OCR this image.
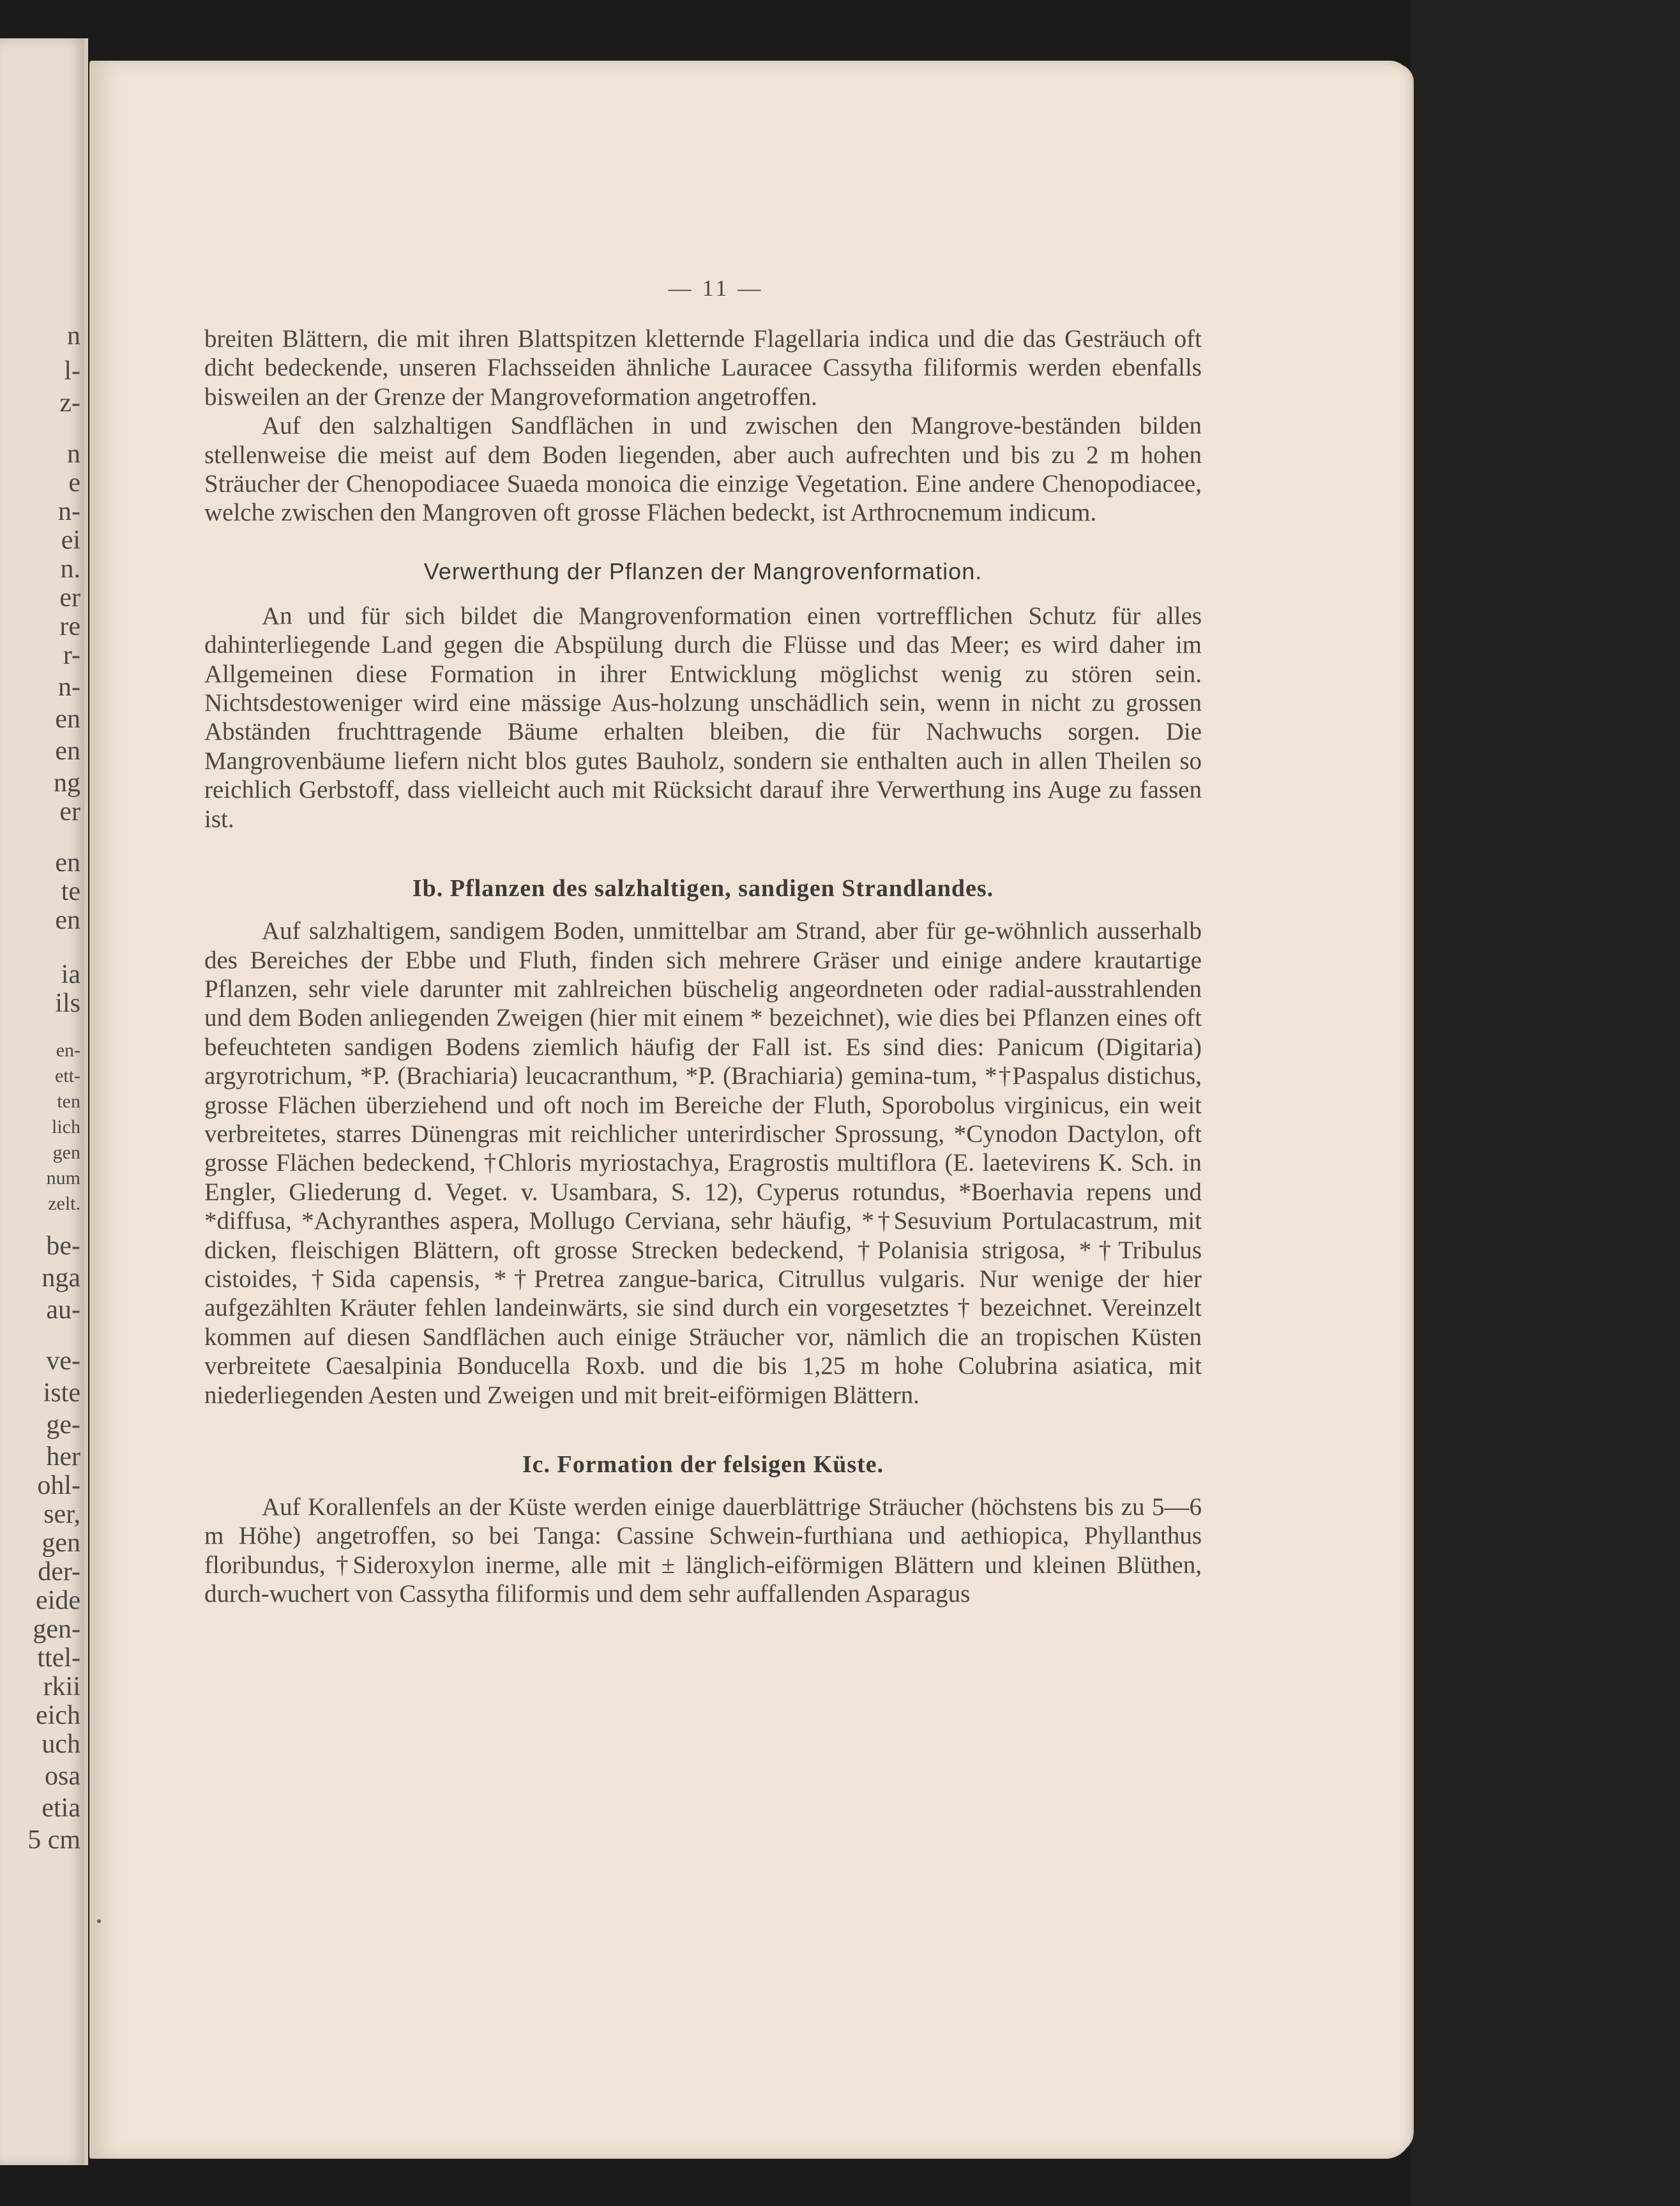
n
l-
z-
n
e
n-
ei
n.
er
re
r-
n-
en
en
ng
er
en
te
en
ia
ils
en-
ett-
ten
lich
gen
num
zelt.
be-
nga
au-
ve-
iste
ge-
her
ohl-
ser,
gen
der-
eide
gen-
ttel-
rkii
eich
uch
osa
etia
5 cm
— 11 —

breiten Blättern, die mit ihren Blattspitzen kletternde Flagellaria indica und die das Gesträuch oft dicht bedeckende, unseren Flachsseiden ähnliche Lauracee Cassytha filiformis werden ebenfalls bisweilen an der Grenze der Mangroveformation angetroffen.

Auf den salzhaltigen Sandflächen in und zwischen den Mangrove-beständen bilden stellenweise die meist auf dem Boden liegenden, aber auch aufrechten und bis zu 2 m hohen Sträucher der Chenopodiacee Suaeda monoica die einzige Vegetation. Eine andere Chenopodiacee, welche zwischen den Mangroven oft grosse Flächen bedeckt, ist Arthrocnemum indicum.

Verwerthung der Pflanzen der Mangrovenformation.

An und für sich bildet die Mangrovenformation einen vortrefflichen Schutz für alles dahinterliegende Land gegen die Abspülung durch die Flüsse und das Meer; es wird daher im Allgemeinen diese Formation in ihrer Entwicklung möglichst wenig zu stören sein. Nichtsdestoweniger wird eine mässige Aus-holzung unschädlich sein, wenn in nicht zu grossen Abständen fruchttragende Bäume erhalten bleiben, die für Nachwuchs sorgen. Die Mangrovenbäume liefern nicht blos gutes Bauholz, sondern sie enthalten auch in allen Theilen so reichlich Gerbstoff, dass vielleicht auch mit Rücksicht darauf ihre Verwerthung ins Auge zu fassen ist.

Ib. Pflanzen des salzhaltigen, sandigen Strandlandes.

Auf salzhaltigem, sandigem Boden, unmittelbar am Strand, aber für ge-wöhnlich ausserhalb des Bereiches der Ebbe und Fluth, finden sich mehrere Gräser und einige andere krautartige Pflanzen, sehr viele darunter mit zahlreichen büschelig angeordneten oder radial-ausstrahlenden und dem Boden anliegenden Zweigen (hier mit einem * bezeichnet), wie dies bei Pflanzen eines oft befeuchteten sandigen Bodens ziemlich häufig der Fall ist. Es sind dies: Panicum (Digitaria) argyrotrichum, *P. (Brachiaria) leucacranthum, *P. (Brachiaria) gemina-tum, *†Paspalus distichus, grosse Flächen überziehend und oft noch im Bereiche der Fluth, Sporobolus virginicus, ein weit verbreitetes, starres Dünengras mit reichlicher unterirdischer Sprossung, *Cynodon Dactylon, oft grosse Flächen bedeckend, †Chloris myriostachya, Eragrostis multiflora (E. laetevirens K. Sch. in Engler, Gliederung d. Veget. v. Usambara, S. 12), Cyperus rotundus, *Boerhavia repens und *diffusa, *Achyranthes aspera, Mollugo Cerviana, sehr häufig, *†Sesuvium Portulacastrum, mit dicken, fleischigen Blättern, oft grosse Strecken bedeckend, †Polanisia strigosa, *†Tribulus cistoides, †Sida capensis, *†Pretrea zangue-barica, Citrullus vulgaris. Nur wenige der hier aufgezählten Kräuter fehlen landeinwärts, sie sind durch ein vorgesetztes † bezeichnet. Vereinzelt kommen auf diesen Sandflächen auch einige Sträucher vor, nämlich die an tropischen Küsten verbreitete Caesalpinia Bonducella Roxb. und die bis 1,25 m hohe Colubrina asiatica, mit niederliegenden Aesten und Zweigen und mit breit-eiförmigen Blättern.

Ic. Formation der felsigen Küste.

Auf Korallenfels an der Küste werden einige dauerblättrige Sträucher (höchstens bis zu 5—6 m Höhe) angetroffen, so bei Tanga: Cassine Schwein-furthiana und aethiopica, Phyllanthus floribundus, †Sideroxylon inerme, alle mit ± länglich-eiförmigen Blättern und kleinen Blüthen, durch-wuchert von Cassytha filiformis und dem sehr auffallenden Asparagus
